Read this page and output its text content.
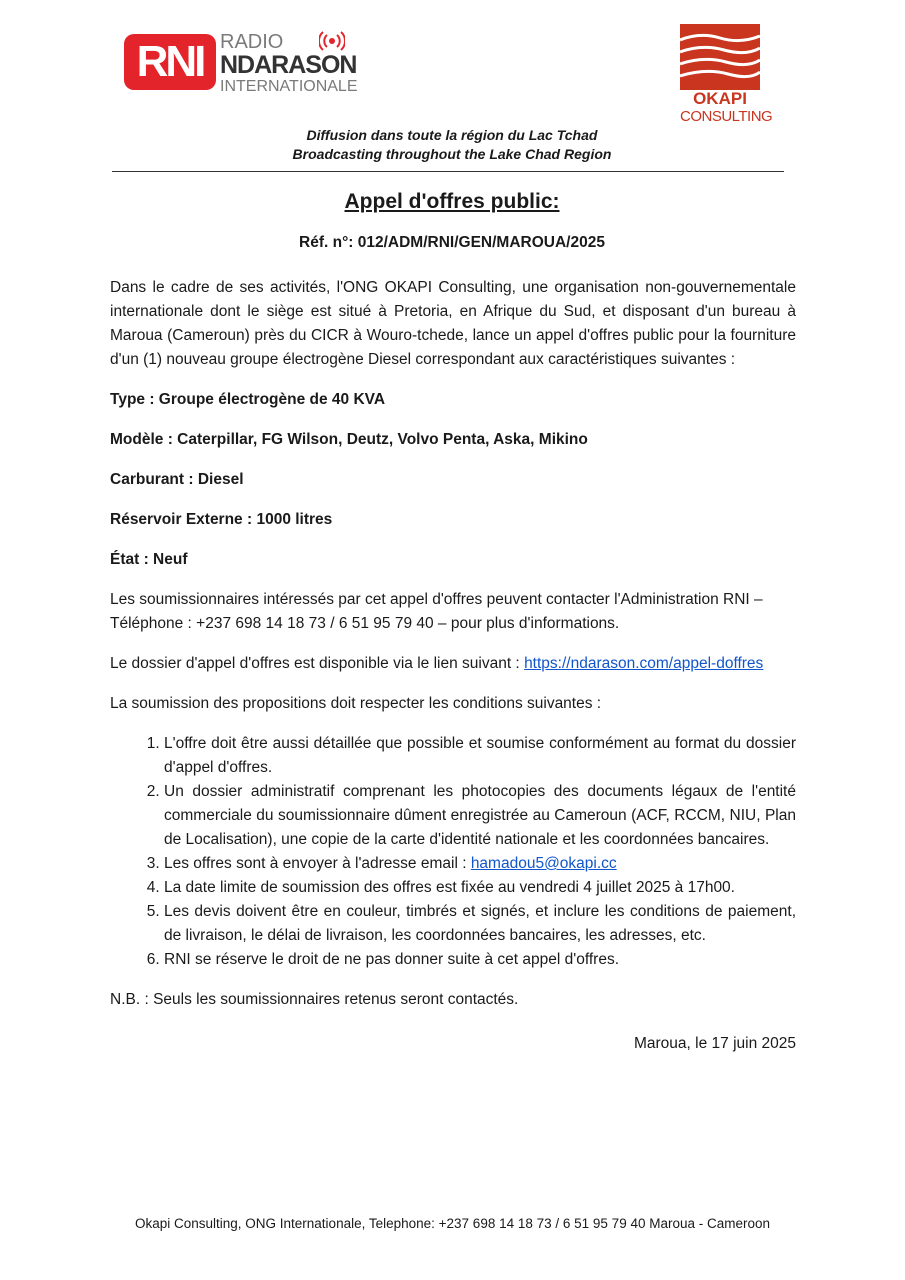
RNI RADIO
NDARASON
INTERNATIONALE
OKAPI
CONSULTING
Diffusion dans toute la région du Lac Tchad
Broadcasting throughout the Lake Chad Region
Appel d'offres public:
Réf. n°: 012/ADM/RNI/GEN/MAROUA/2025

Dans le cadre de ses activités, l'ONG OKAPI Consulting, une organisation non-gouvernementale internationale dont le siège est situé à Pretoria, en Afrique du Sud, et disposant d'un bureau à Maroua (Cameroun) près du CICR à Wouro-tchede, lance un appel d'offres public pour la fourniture d'un (1) nouveau groupe électrogène Diesel correspondant aux caractéristiques suivantes :

Type : Groupe électrogène de 40 KVA

Modèle : Caterpillar, FG Wilson, Deutz, Volvo Penta, Aska, Mikino

Carburant : Diesel

Réservoir Externe : 1000 litres

État : Neuf

Les soumissionnaires intéressés par cet appel d'offres peuvent contacter l'Administration RNI – Téléphone : +237 698 14 18 73 / 6 51 95 79 40 – pour plus d'informations.

Le dossier d'appel d'offres est disponible via le lien suivant : https://ndarason.com/appel-doffres

La soumission des propositions doit respecter les conditions suivantes :

1. L'offre doit être aussi détaillée que possible et soumise conformément au format du dossier d'appel d'offres.
2. Un dossier administratif comprenant les photocopies des documents légaux de l'entité commerciale du soumissionnaire dûment enregistrée au Cameroun (ACF, RCCM, NIU, Plan de Localisation), une copie de la carte d'identité nationale et les coordonnées bancaires.
3. Les offres sont à envoyer à l'adresse email : hamadou5@okapi.cc
4. La date limite de soumission des offres est fixée au vendredi 4 juillet 2025 à 17h00.
5. Les devis doivent être en couleur, timbrés et signés, et inclure les conditions de paiement, de livraison, le délai de livraison, les coordonnées bancaires, les adresses, etc.
6. RNI se réserve le droit de ne pas donner suite à cet appel d'offres.

N.B. : Seuls les soumissionnaires retenus seront contactés.

Maroua, le 17 juin 2025

Okapi Consulting, ONG Internationale, Telephone: +237 698 14 18 73 / 6 51 95 79 40 Maroua - Cameroon
